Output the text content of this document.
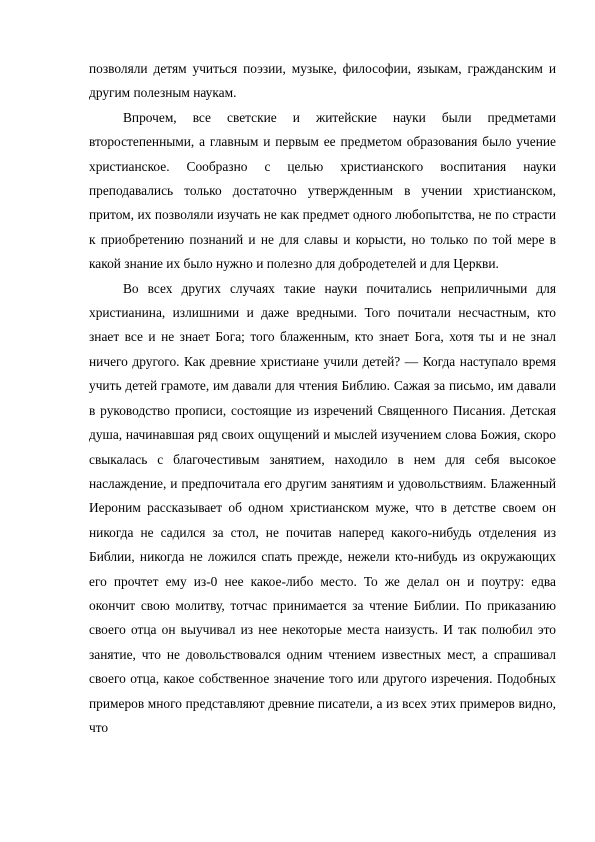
позволяли детям учиться поэзии, музыке, философии, языкам, гражданским и другим полезным наукам.

Впрочем, все светские и житейские науки были предметами второстепенными, а главным и первым ее предметом образования было учение христианское. Сообразно с целью христианского воспитания науки преподавались только достаточно утвержденным в учении христианском, притом, их позволяли изучать не как предмет одного любопытства, не по страсти к приобретению познаний и не для славы и корысти, но только по той мере в какой знание их было нужно и полезно для добродетелей и для Церкви.

Во всех других случаях такие науки почитались неприличными для христианина, излишними и даже вредными. Того почитали несчастным, кто знает все и не знает Бога; того блаженным, кто знает Бога, хотя ты и не знал ничего другого. Как древние христиане учили детей? — Когда наступало время учить детей грамоте, им давали для чтения Библию. Сажая за письмо, им давали в руководство прописи, состоящие из изречений Священного Писания. Детская душа, начинавшая ряд своих ощущений и мыслей изучением слова Божия, скоро свыкалась с благочестивым занятием, находило в нем для себя высокое наслаждение, и предпочитала его другим занятиям и удовольствиям. Блаженный Иероним рассказывает об одном христианском муже, что в детстве своем он никогда не садился за стол, не почитав наперед какого-нибудь отделения из Библии, никогда не ложился спать прежде, нежели кто-нибудь из окружающих его прочтет ему из-0 нее какое-либо место. То же делал он и поутру: едва окончит свою молитву, тотчас принимается за чтение Библии. По приказанию своего отца он выучивал из нее некоторые места наизусть. И так полюбил это занятие, что не довольствовался одним чтением известных мест, а спрашивал своего отца, какое собственное значение того или другого изречения. Подобных примеров много представляют древние писатели, а из всех этих примеров видно, что
